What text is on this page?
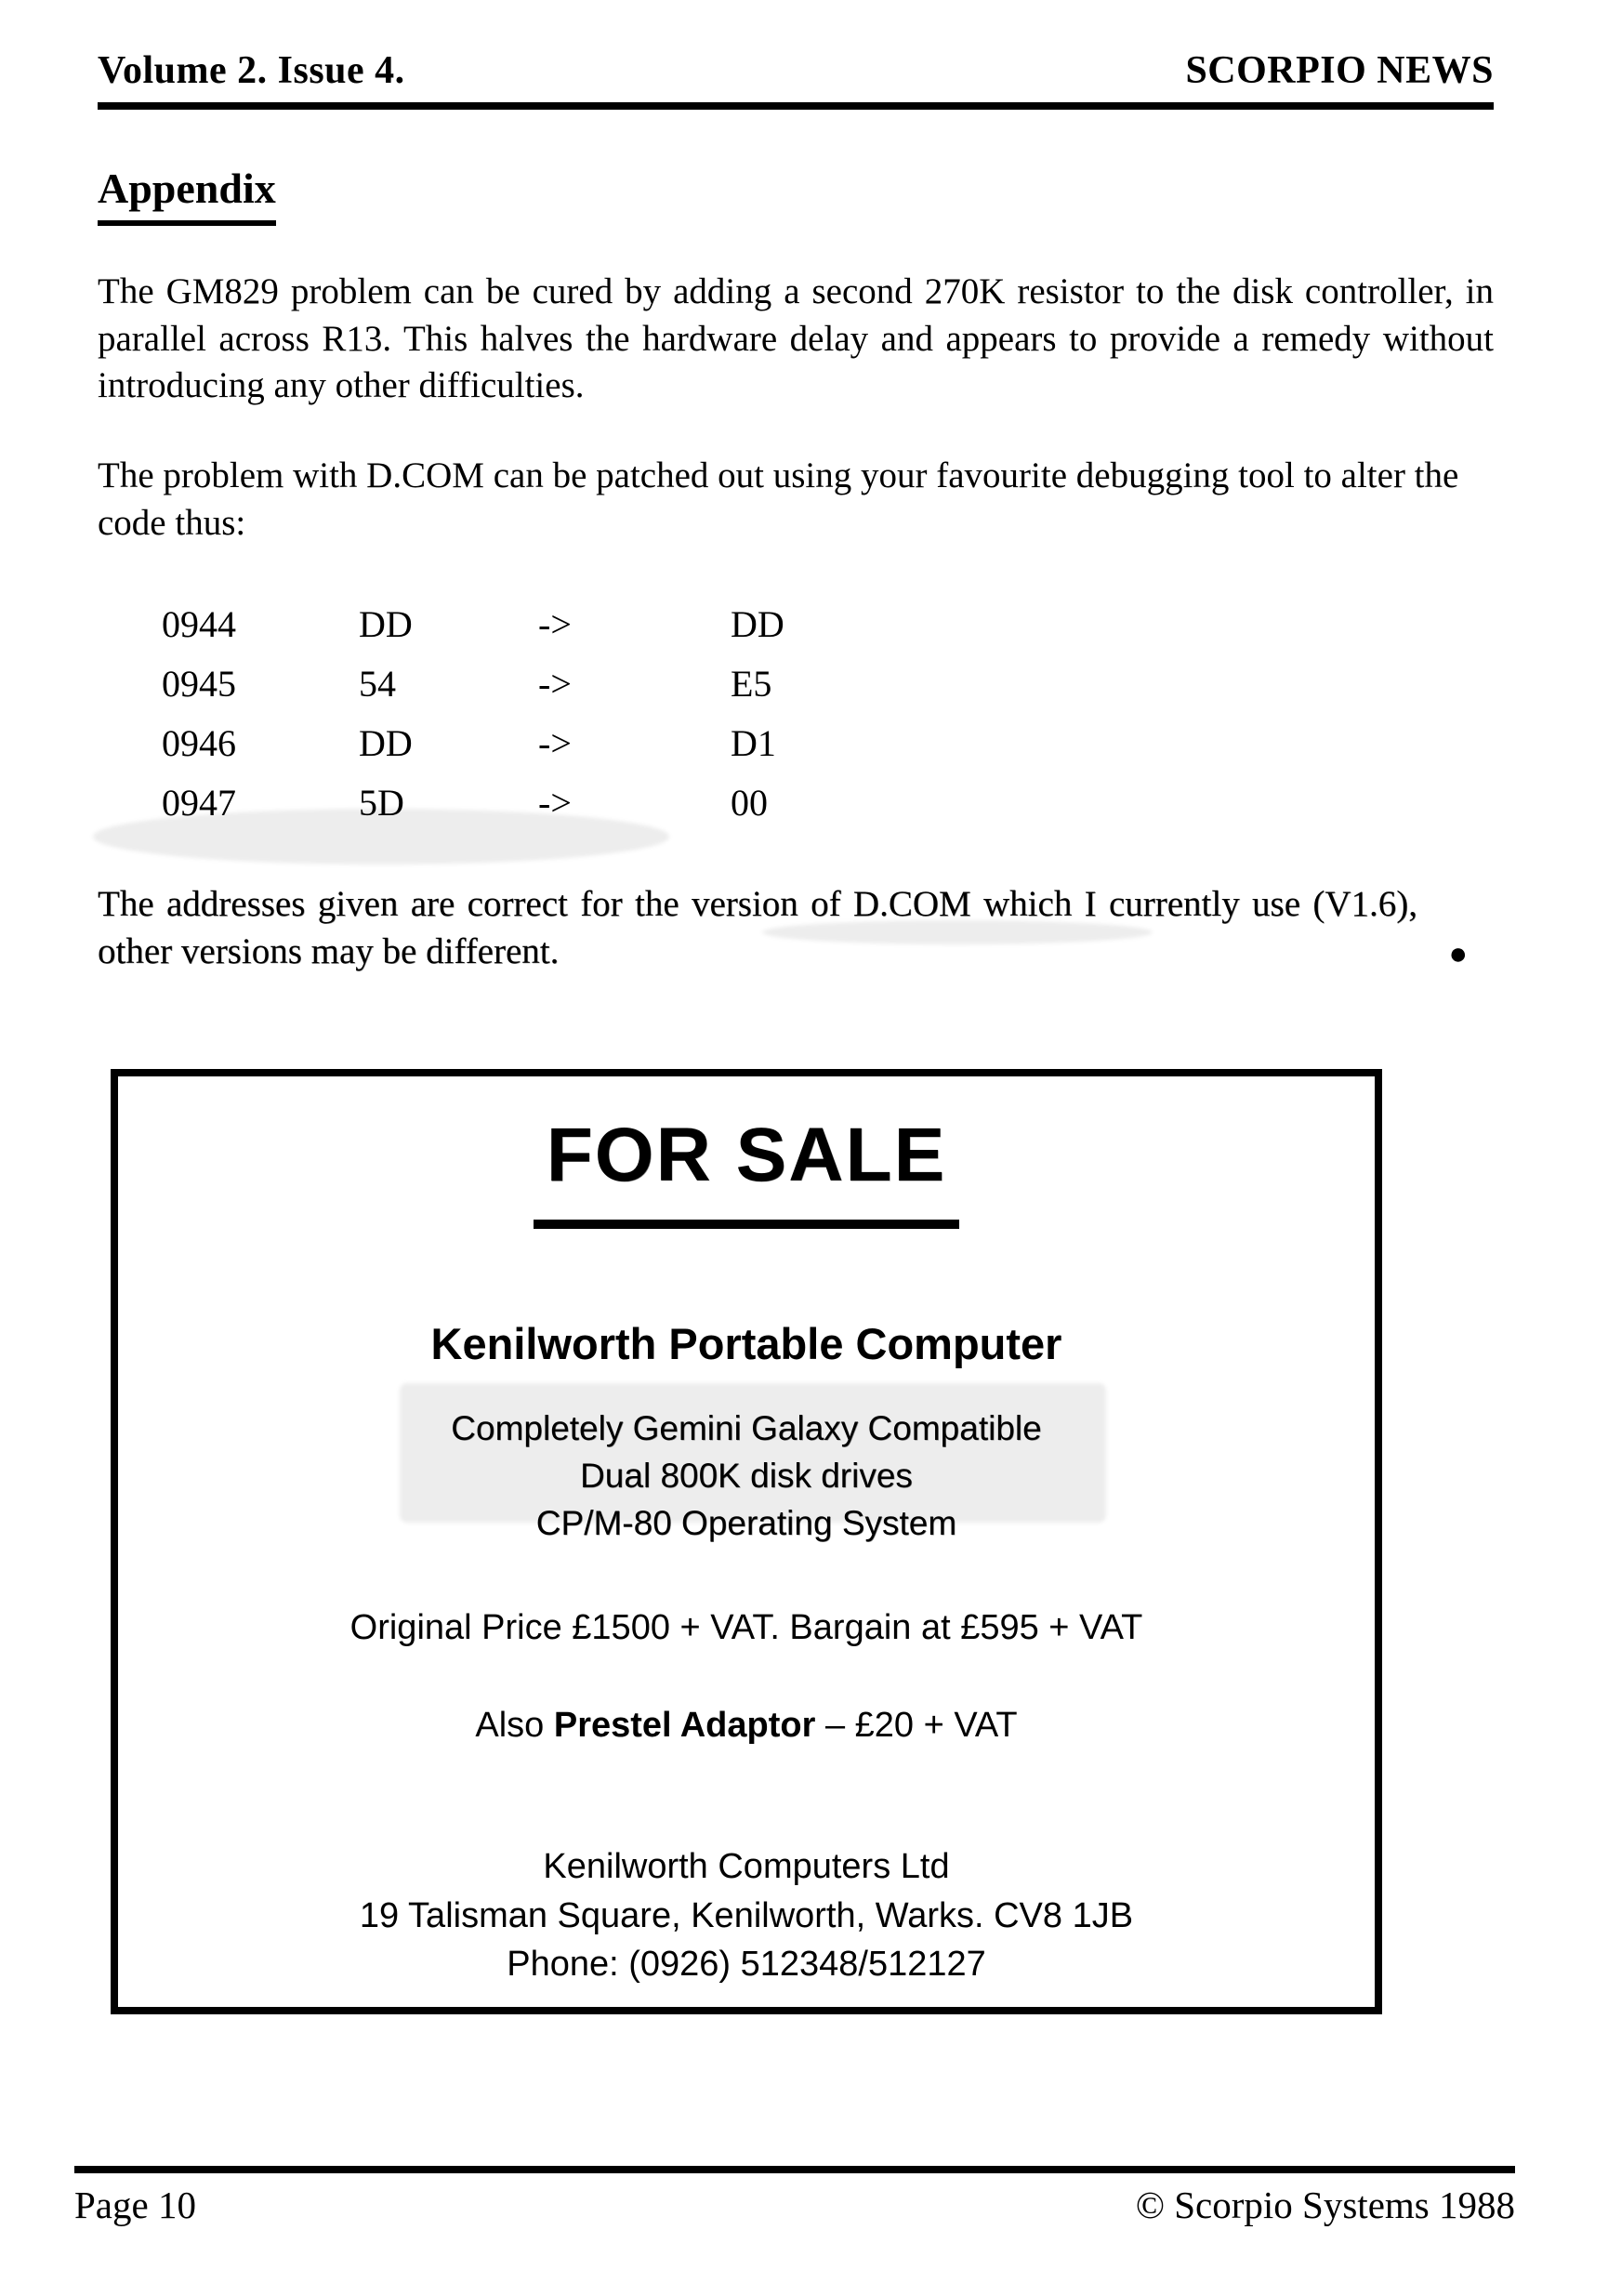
Volume 2. Issue 4.	SCORPIO NEWS
Appendix

The GM829 problem can be cured by adding a second 270K resistor to the disk controller, in parallel across R13. This halves the hardware delay and appears to provide a remedy without introducing any other difficulties.

The problem with D.COM can be patched out using your favourite debugging tool to alter the code thus:

0944	DD	->	DD
0945	54	->	E5
0946	DD	->	D1
0947	5D	->	00

The addresses given are correct for the version of D.COM which I currently use (V1.6), other versions may be different.	●
FOR SALE
Kenilworth Portable Computer
Completely Gemini Galaxy Compatible
Dual 800K disk drives
CP/M-80 Operating System
Original Price £1500 + VAT. Bargain at £595 + VAT
Also Prestel Adaptor – £20 + VAT
Kenilworth Computers Ltd
19 Talisman Square, Kenilworth, Warks. CV8 1JB
Phone: (0926) 512348/512127
Page 10	© Scorpio Systems 1988
